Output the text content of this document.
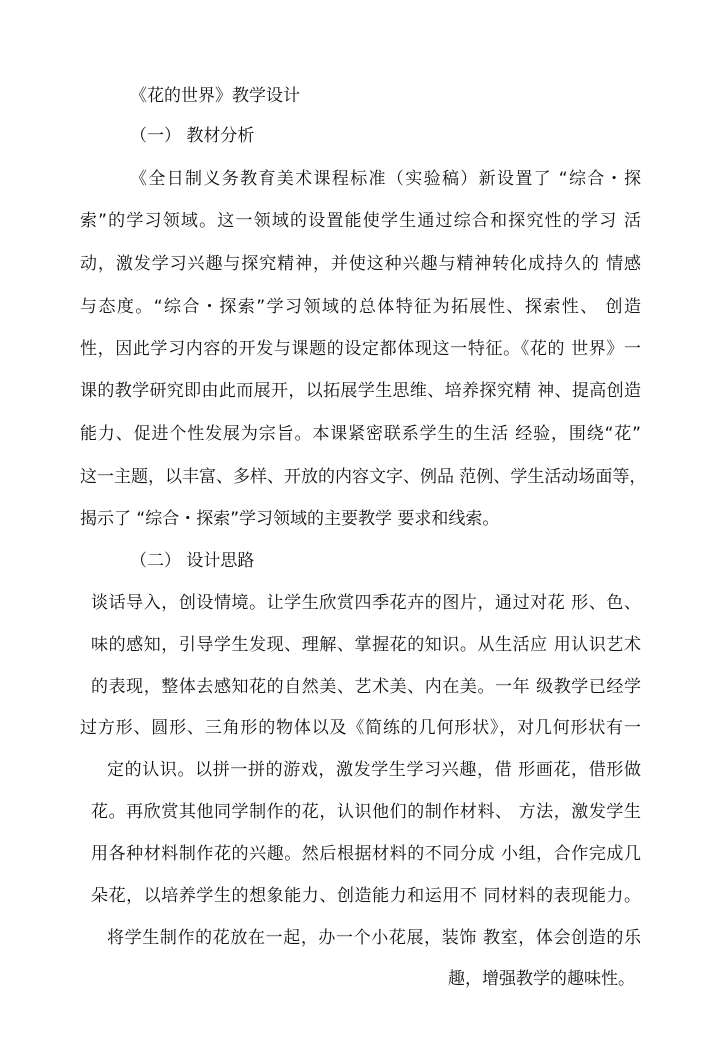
《花的世界》教学设计
（一） 教材分析
《全日制义务教育美术课程标准（实验稿）新设置了 “综合・探
索”的学习领域。这一领域的设置能使学生通过综合和探究性的学习 活
动，激发学习兴趣与探究精神，并使这种兴趣与精神转化成持久的 情感
与态度。“综合・探索”学习领域的总体特征为拓展性、探索性、 创造
性，因此学习内容的开发与课题的设定都体现这一特征。《花的 世界》一
课的教学研究即由此而展开，以拓展学生思维、培养探究精 神、提高创造
能力、促进个性发展为宗旨。本课紧密联系学生的生活 经验，围绕“花”
这一主题，以丰富、多样、开放的内容文字、例品 范例、学生活动场面等，
揭示了 “综合・探索”学习领域的主要教学 要求和线索。
（二） 设计思路
谈话导入，创设情境。让学生欣赏四季花卉的图片，通过对花 形、色、
味的感知，引导学生发现、理解、掌握花的知识。从生活应 用认识艺术
的表现，整体去感知花的自然美、艺术美、内在美。一年 级教学已经学
过方形、圆形、三角形的物体以及《简练的几何形状》，对几何形状有一
定的认识。以拼一拼的游戏，激发学生学习兴趣，借 形画花，借形做
花。再欣赏其他同学制作的花，认识他们的制作材料、 方法，激发学生
用各种材料制作花的兴趣。然后根据材料的不同分成 小组，合作完成几
朵花，以培养学生的想象能力、创造能力和运用不 同材料的表现能力。
将学生制作的花放在一起，办一个小花展，装饰 教室，体会创造的乐
趣，增强教学的趣味性。
